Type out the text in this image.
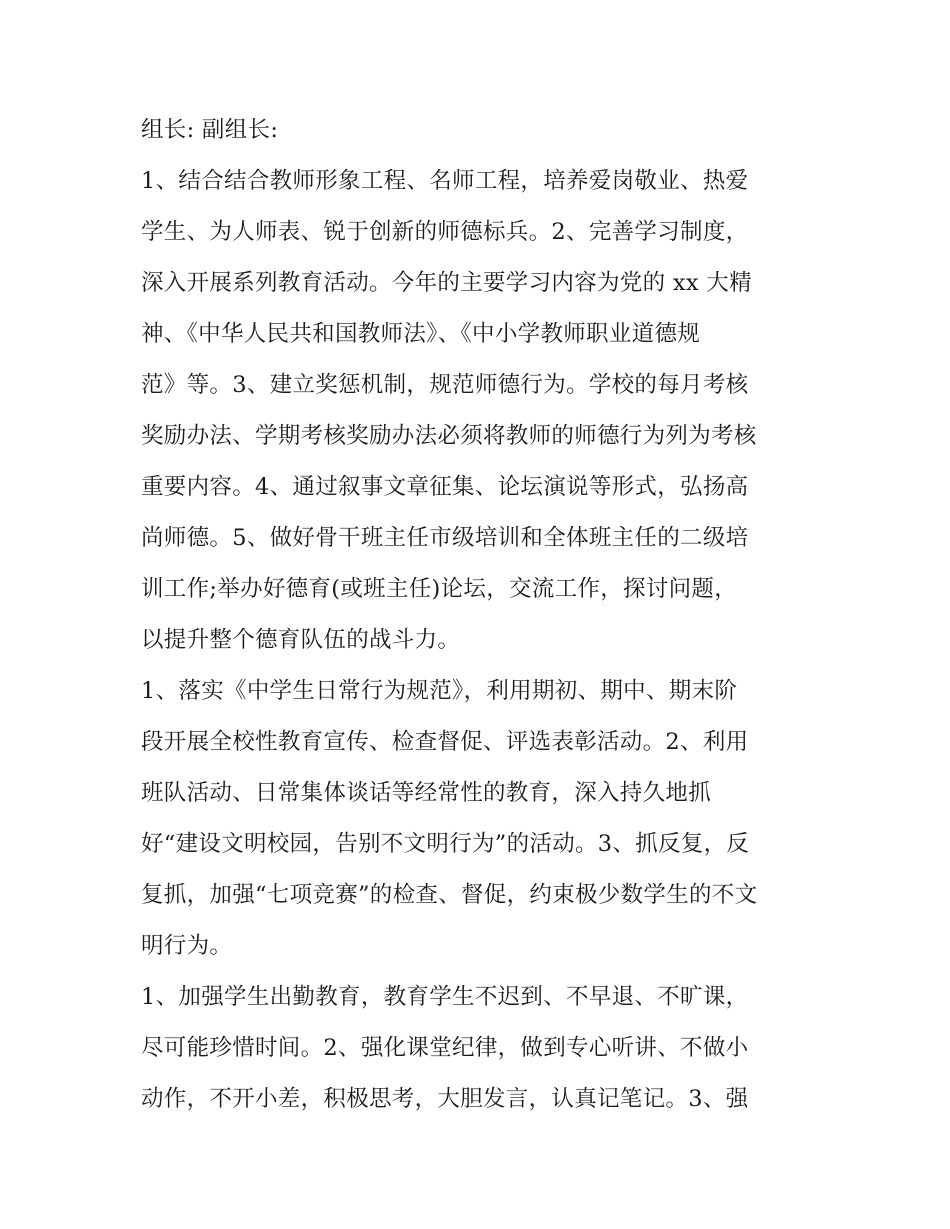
组长: 副组长:
1、结合结合教师形象工程、名师工程，培养爱岗敬业、热爱
学生、为人师表、锐于创新的师德标兵。2、完善学习制度，
深入开展系列教育活动。今年的主要学习内容为党的 xx 大精
神、《中华人民共和国教师法》、《中小学教师职业道德规
范》等。3、建立奖惩机制，规范师德行为。学校的每月考核
奖励办法、学期考核奖励办法必须将教师的师德行为列为考核
重要内容。4、通过叙事文章征集、论坛演说等形式，弘扬高
尚师德。5、做好骨干班主任市级培训和全体班主任的二级培
训工作;举办好德育(或班主任)论坛，交流工作，探讨问题，
以提升整个德育队伍的战斗力。
1、落实《中学生日常行为规范》，利用期初、期中、期末阶
段开展全校性教育宣传、检查督促、评选表彰活动。2、利用
班队活动、日常集体谈话等经常性的教育，深入持久地抓
好“建设文明校园，告别不文明行为”的活动。3、抓反复，反
复抓，加强“七项竞赛”的检查、督促，约束极少数学生的不文
明行为。
1、加强学生出勤教育，教育学生不迟到、不早退、不旷课，
尽可能珍惜时间。2、强化课堂纪律，做到专心听讲、不做小
动作，不开小差，积极思考，大胆发言，认真记笔记。3、强
